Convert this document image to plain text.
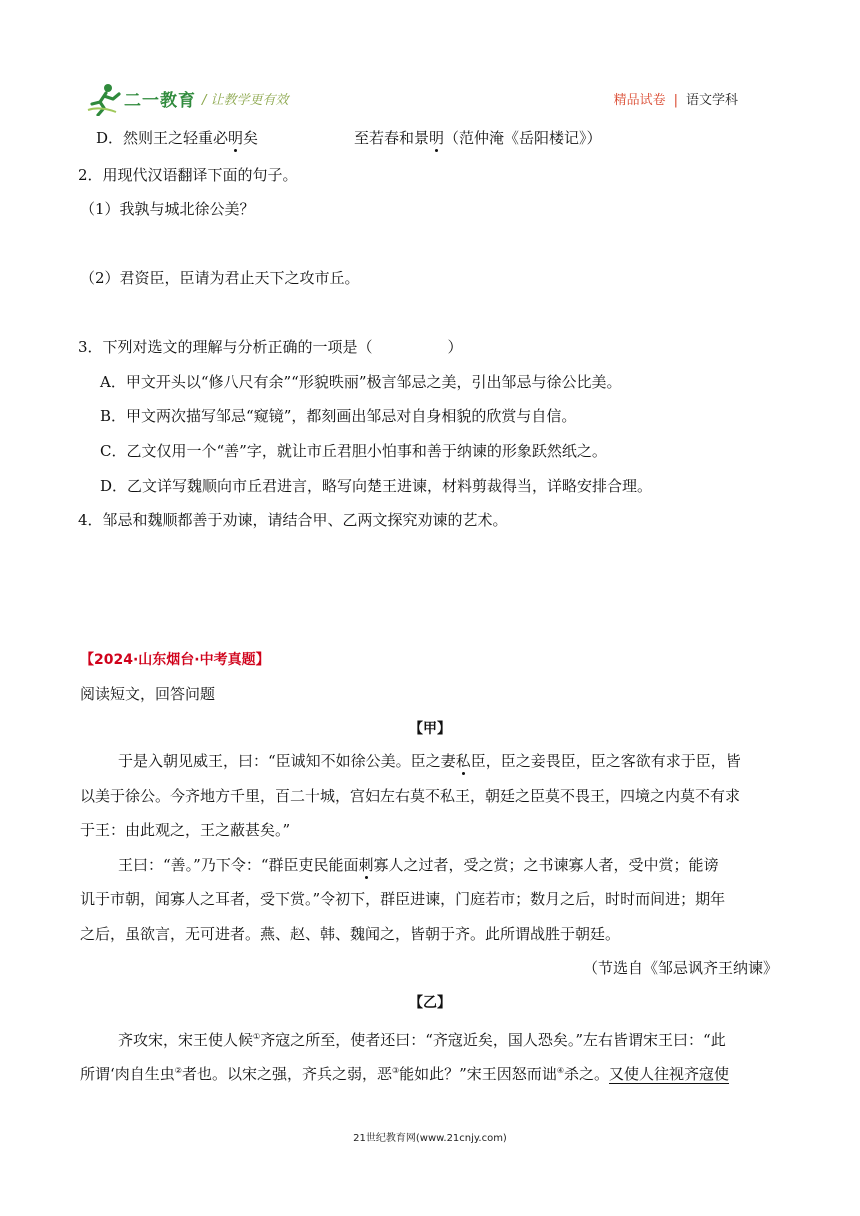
二一教育 / 让教学更有效	精品试卷 | 语文学科
D．然则王之轻重必明矣	至若春和景明（范仲淹《岳阳楼记》）
2．用现代汉语翻译下面的句子。
（1）我孰与城北徐公美？
（2）君资臣，臣请为君止天下之攻市丘。
3．下列对选文的理解与分析正确的一项是（　　　　　）
A．甲文开头以“修八尺有余”“形貌昳丽”极言邹忌之美，引出邹忌与徐公比美。
B．甲文两次描写邹忌“窥镜”，都刻画出邹忌对自身相貌的欣赏与自信。
C．乙文仅用一个“善”字，就让市丘君胆小怕事和善于纳谏的形象跃然纸之。
D．乙文详写魏顺向市丘君进言，略写向楚王进谏，材料剪裁得当，详略安排合理。
4．邹忌和魏顺都善于劝谏，请结合甲、乙两文探究劝谏的艺术。
【2024·山东烟台·中考真题】
阅读短文，回答问题
【甲】
于是入朝见威王，曰：“臣诚知不如徐公美。臣之妻私臣，臣之妾畏臣，臣之客欲有求于臣，皆
以美于徐公。今齐地方千里，百二十城，宫妇左右莫不私王，朝廷之臣莫不畏王，四境之内莫不有求
于王：由此观之，王之蔽甚矣。”
王曰：“善。”乃下令：“群臣吏民能面刺寡人之过者，受之赏；之书谏寡人者，受中赏；能谤
讥于市朝，闻寡人之耳者，受下赏。”令初下，群臣进谏，门庭若市；数月之后，时时而间进；期年
之后，虽欲言，无可进者。燕、赵、韩、魏闻之，皆朝于齐。此所谓战胜于朝廷。
（节选自《邹忌讽齐王纳谏》
【乙】
齐攻宋，宋王使人候①齐寇之所至，使者还曰：“齐寇近矣，国人恐矣。”左右皆谓宋王曰：“此
所谓‘肉自生虫②者也。以宋之强，齐兵之弱，恶③能如此？”宋王因怒而诎④杀之。又使人往视齐寇使
21世纪教育网(www.21cnjy.com)
